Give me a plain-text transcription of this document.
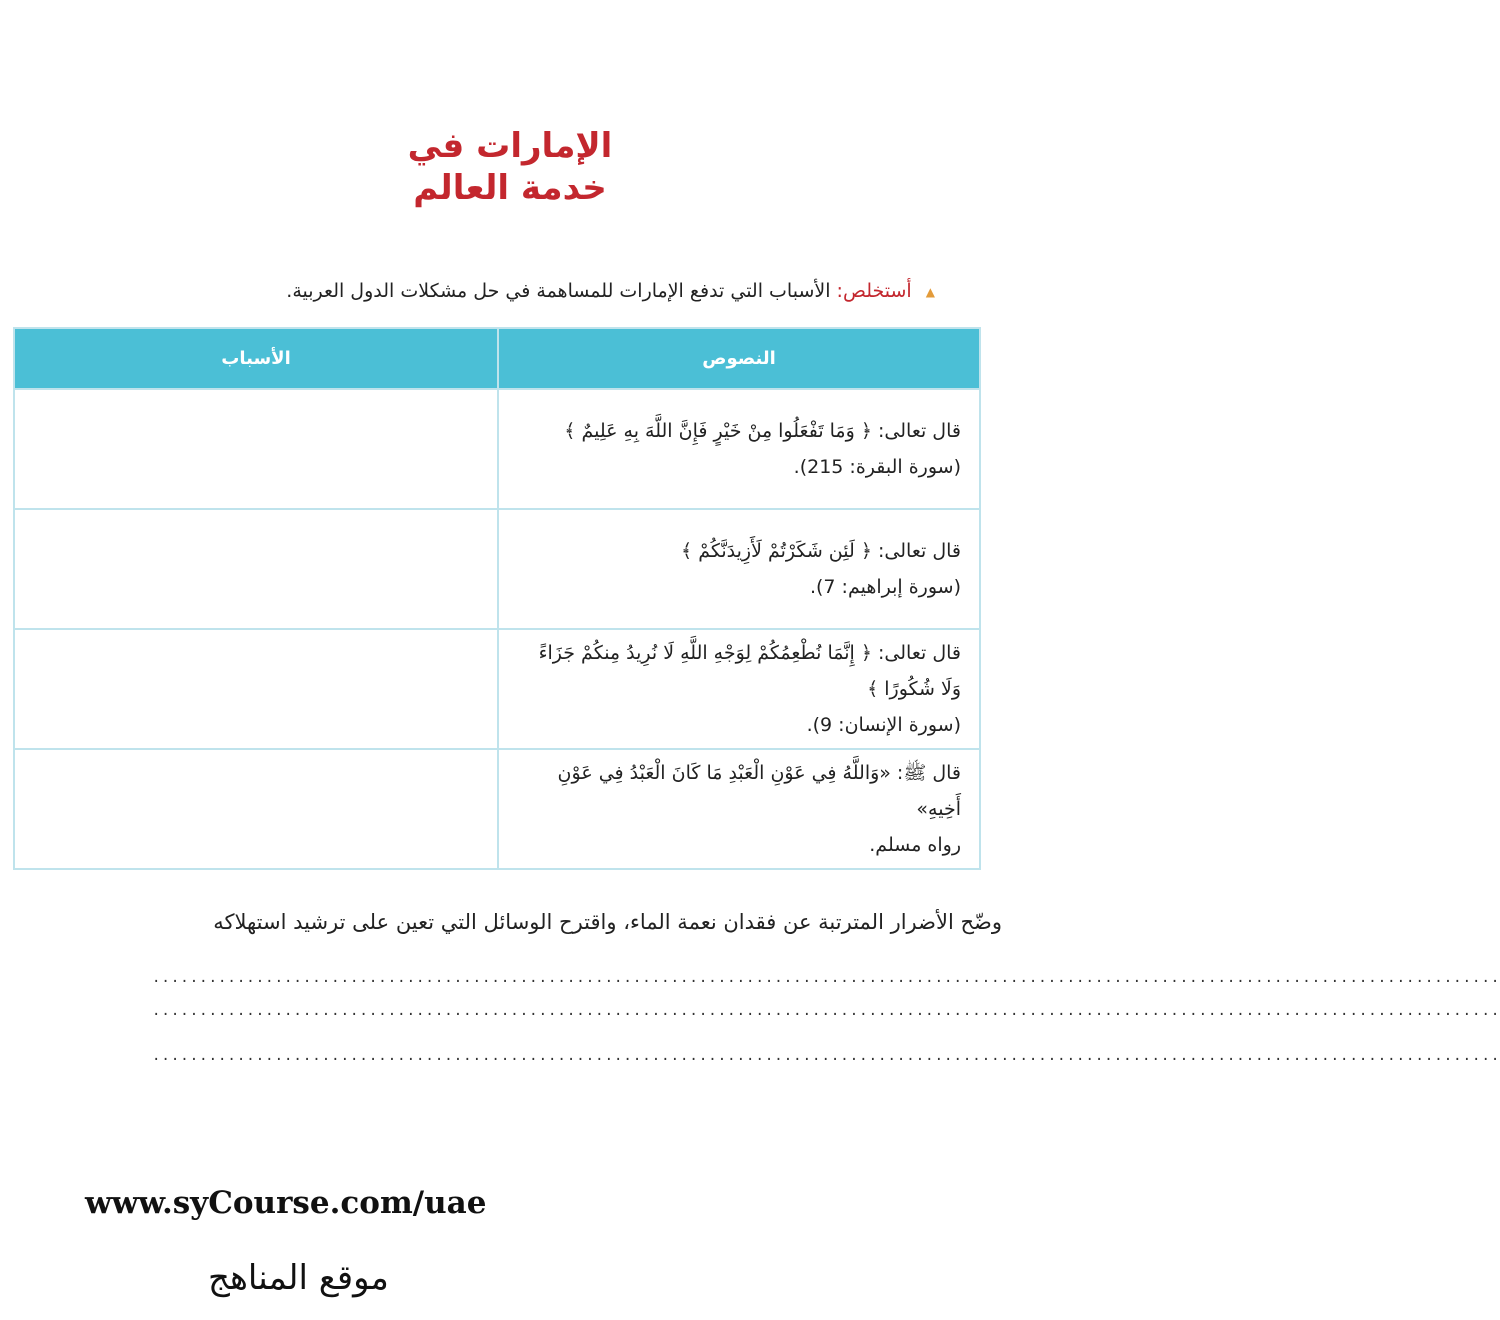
الإمارات في
خدمة العالم
▲ أستخلص: الأسباب التي تدفع الإمارات للمساهمة في حل مشكلات الدول العربية.
النصوص	الأسباب
قال تعالى: ﴿ وَمَا تَفْعَلُوا مِنْ خَيْرٍ فَإِنَّ اللَّهَ بِهِ عَلِيمٌ ﴾
(سورة البقرة: 215).	

قال تعالى: ﴿ لَئِن شَكَرْتُمْ لَأَزِيدَنَّكُمْ ﴾
(سورة إبراهيم: 7).	

قال تعالى: ﴿ إِنَّمَا نُطْعِمُكُمْ لِوَجْهِ اللَّهِ لَا نُرِيدُ مِنكُمْ جَزَاءً وَلَا شُكُورًا ﴾
(سورة الإنسان: 9).	

قال ﷺ: «وَاللَّهُ فِي عَوْنِ الْعَبْدِ مَا كَانَ الْعَبْدُ فِي عَوْنِ أَخِيهِ»
رواه مسلم.	

وضّح الأضرار المترتبة عن فقدان نعمة الماء، واقترح الوسائل التي تعين على ترشيد استهلاكه
...............................................................................................................................................
...............................................................................................................................................
...............................................................................................................................................
www.syCourse.com/uae
موقع المناهج
